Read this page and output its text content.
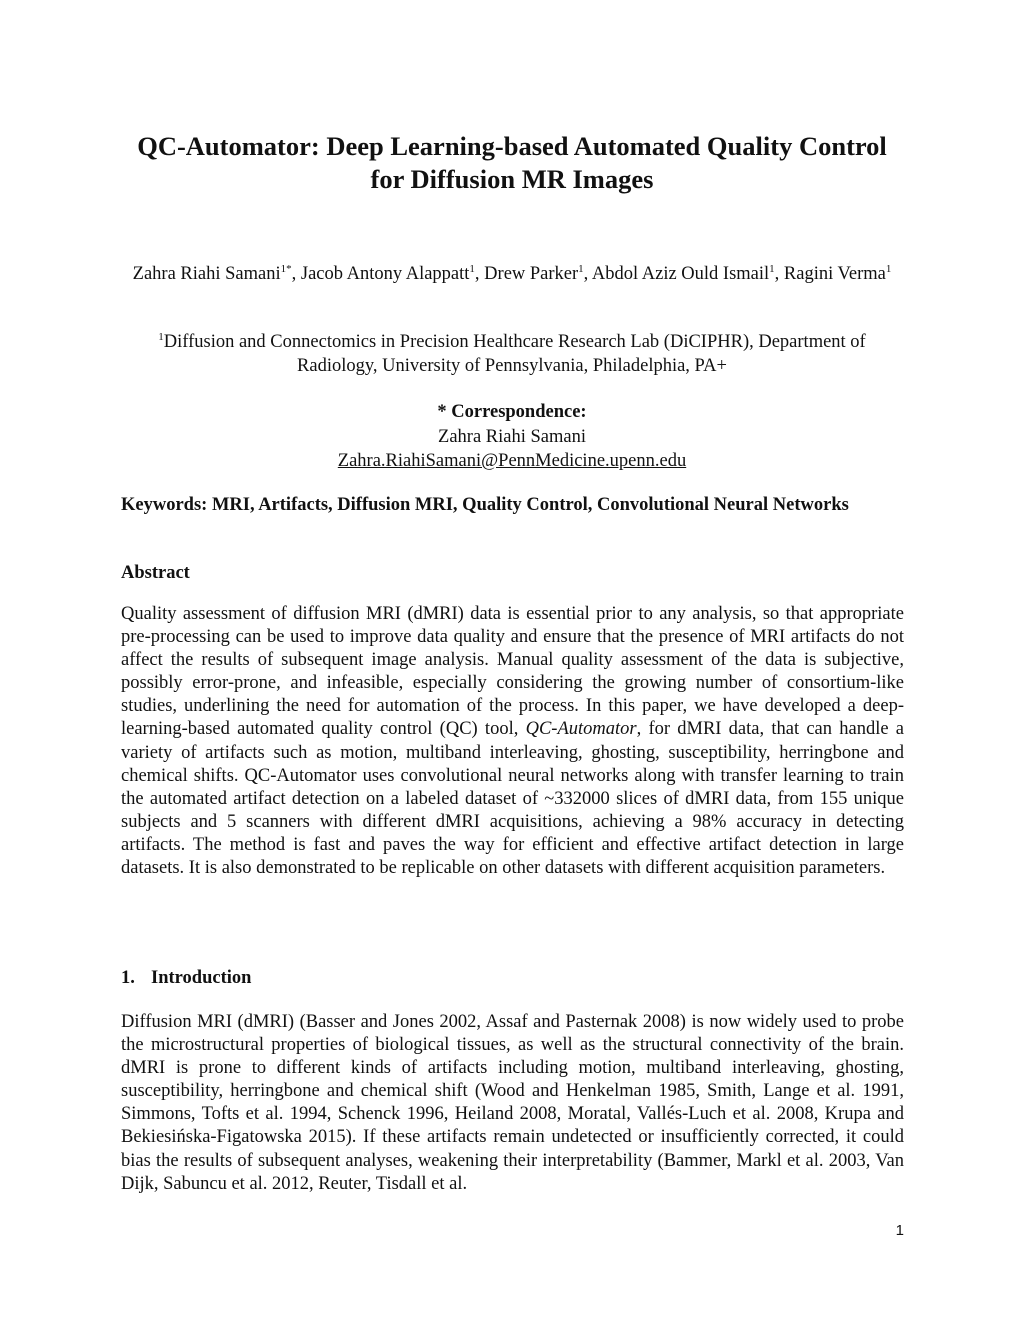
QC-Automator: Deep Learning-based Automated Quality Control
for Diffusion MR Images
Zahra Riahi Samani$^{1*}$, Jacob Antony Alappatt$^1$, Drew Parker$^1$, Abdol Aziz Ould Ismail$^1$, Ragini Verma$^1$
$^1$Diffusion and Connectomics in Precision Healthcare Research Lab (DiCIPHR), Department of Radiology, University of Pennsylvania, Philadelphia, PA+
* Correspondence:
Zahra Riahi Samani
Zahra.RiahiSamani@PennMedicine.upenn.edu
Keywords: MRI, Artifacts, Diffusion MRI, Quality Control, Convolutional Neural Networks
Abstract
Quality assessment of diffusion MRI (dMRI) data is essential prior to any analysis, so that appropriate pre-processing can be used to improve data quality and ensure that the presence of MRI artifacts do not affect the results of subsequent image analysis. Manual quality assessment of the data is subjective, possibly error-prone, and infeasible, especially considering the growing number of consortium-like studies, underlining the need for automation of the process. In this paper, we have developed a deep-learning-based automated quality control (QC) tool, QC-Automator, for dMRI data, that can handle a variety of artifacts such as motion, multiband interleaving, ghosting, susceptibility, herringbone and chemical shifts. QC-Automator uses convolutional neural networks along with transfer learning to train the automated artifact detection on a labeled dataset of ~332000 slices of dMRI data, from 155 unique subjects and 5 scanners with different dMRI acquisitions, achieving a 98% accuracy in detecting artifacts. The method is fast and paves the way for efficient and effective artifact detection in large datasets. It is also demonstrated to be replicable on other datasets with different acquisition parameters.
1. Introduction
Diffusion MRI (dMRI) (Basser and Jones 2002, Assaf and Pasternak 2008) is now widely used to probe the microstructural properties of biological tissues, as well as the structural connectivity of the brain. dMRI is prone to different kinds of artifacts including motion, multiband interleaving, ghosting, susceptibility, herringbone and chemical shift (Wood and Henkelman 1985, Smith, Lange et al. 1991, Simmons, Tofts et al. 1994, Schenck 1996, Heiland 2008, Moratal, Vallés-Luch et al. 2008, Krupa and Bekiesińska-Figatowska 2015). If these artifacts remain undetected or insufficiently corrected, it could bias the results of subsequent analyses, weakening their interpretability (Bammer, Markl et al. 2003, Van Dijk, Sabuncu et al. 2012, Reuter, Tisdall et al.
1
